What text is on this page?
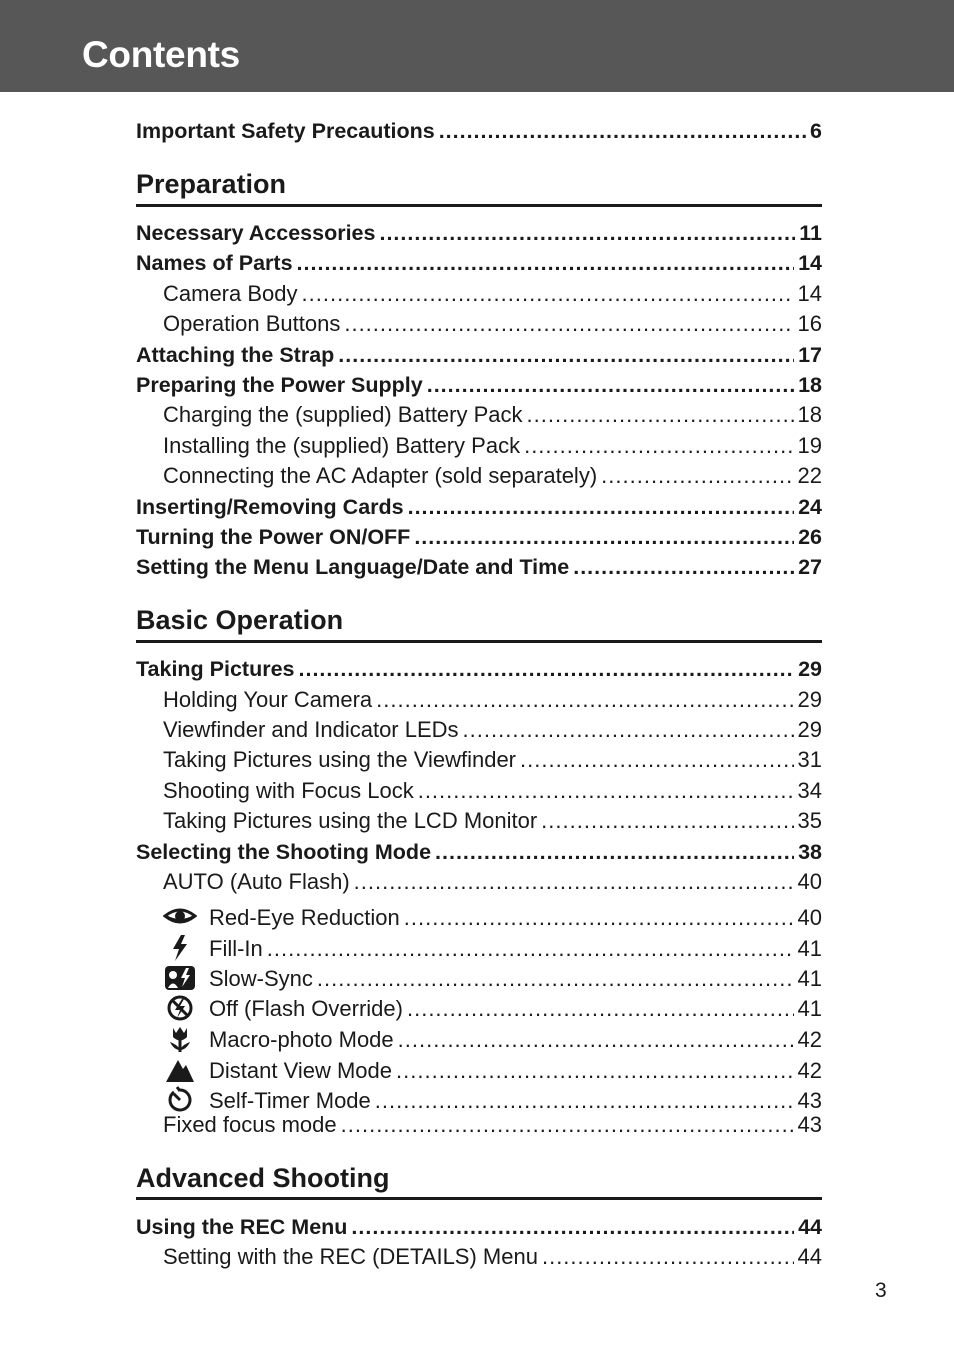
Contents
Important Safety Precautions .....	6
Preparation
Necessary Accessories .....	11
Names of Parts .....	14
Camera Body .....	14
Operation Buttons .....	16
Attaching the Strap .....	17
Preparing the Power Supply .....	18
Charging the (supplied) Battery Pack .....	18
Installing the (supplied) Battery Pack .....	19
Connecting the AC Adapter (sold separately) .....	22
Inserting/Removing Cards .....	24
Turning the Power ON/OFF .....	26
Setting the Menu Language/Date and Time .....	27
Basic Operation
Taking Pictures .....	29
Holding Your Camera .....	29
Viewfinder and Indicator LEDs .....	29
Taking Pictures using the Viewfinder .....	31
Shooting with Focus Lock .....	34
Taking Pictures using the LCD Monitor .....	35
Selecting the Shooting Mode .....	38
AUTO (Auto Flash) .....	40
Red-Eye Reduction .....	40
Fill-In .....	41
Slow-Sync .....	41
Off (Flash Override) .....	41
Macro-photo Mode .....	42
Distant View Mode .....	42
Self-Timer Mode .....	43
Fixed focus mode .....	43
Advanced Shooting
Using the REC Menu .....	44
Setting with the REC (DETAILS) Menu .....	44
3
